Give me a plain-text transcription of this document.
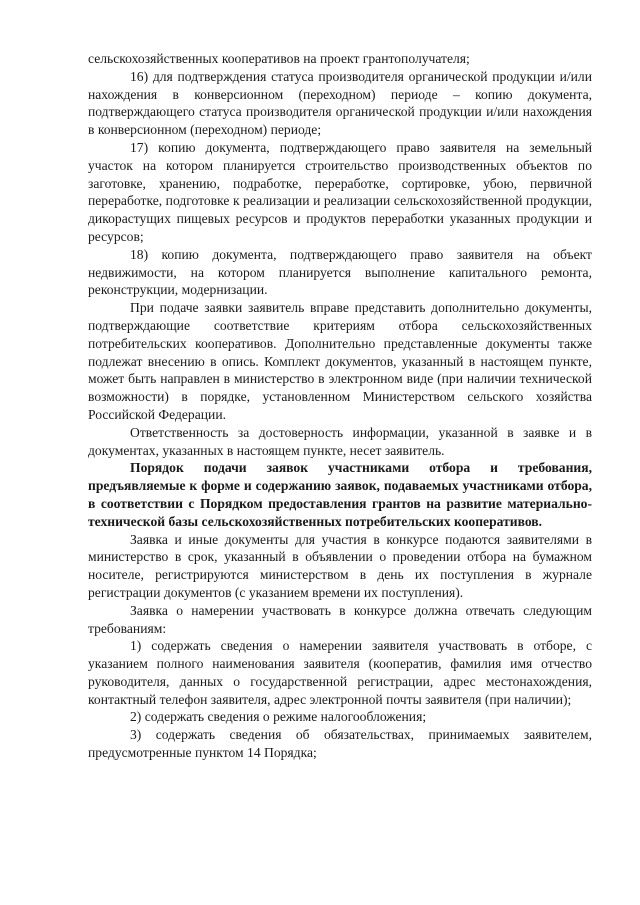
сельскохозяйственных кооперативов на проект грантополучателя;

16) для подтверждения статуса производителя органической продукции и/или нахождения в конверсионном (переходном) периоде – копию документа, подтверждающего статуса производителя органической продукции и/или нахождения в конверсионном (переходном) периоде;

17) копию документа, подтверждающего право заявителя на земельный участок на котором планируется строительство производственных объектов по заготовке, хранению, подработке, переработке, сортировке, убою, первичной переработке, подготовке к реализации и реализации сельскохозяйственной продукции, дикорастущих пищевых ресурсов и продуктов переработки указанных продукции и ресурсов;

18) копию документа, подтверждающего право заявителя на объект недвижимости, на котором планируется выполнение капитального ремонта, реконструкции, модернизации.

При подаче заявки заявитель вправе представить дополнительно документы, подтверждающие соответствие критериям отбора сельскохозяйственных потребительских кооперативов. Дополнительно представленные документы также подлежат внесению в опись. Комплект документов, указанный в настоящем пункте, может быть направлен в министерство в электронном виде (при наличии технической возможности) в порядке, установленном Министерством сельского хозяйства Российской Федерации.

Ответственность за достоверность информации, указанной в заявке и в документах, указанных в настоящем пункте, несет заявитель.

Порядок подачи заявок участниками отбора и требования, предъявляемые к форме и содержанию заявок, подаваемых участниками отбора, в соответствии с Порядком предоставления грантов на развитие материально-технической базы сельскохозяйственных потребительских кооперативов.

Заявка и иные документы для участия в конкурсе подаются заявителями в министерство в срок, указанный в объявлении о проведении отбора на бумажном носителе, регистрируются министерством в день их поступления в журнале регистрации документов (с указанием времени их поступления).

Заявка о намерении участвовать в конкурсе должна отвечать следующим требованиям:

1) содержать сведения о намерении заявителя участвовать в отборе, с указанием полного наименования заявителя (кооператив, фамилия имя отчество руководителя, данных о государственной регистрации, адрес местонахождения, контактный телефон заявителя, адрес электронной почты заявителя (при наличии);

2) содержать сведения о режиме налогообложения;

3) содержать сведения об обязательствах, принимаемых заявителем, предусмотренные пунктом 14 Порядка;
